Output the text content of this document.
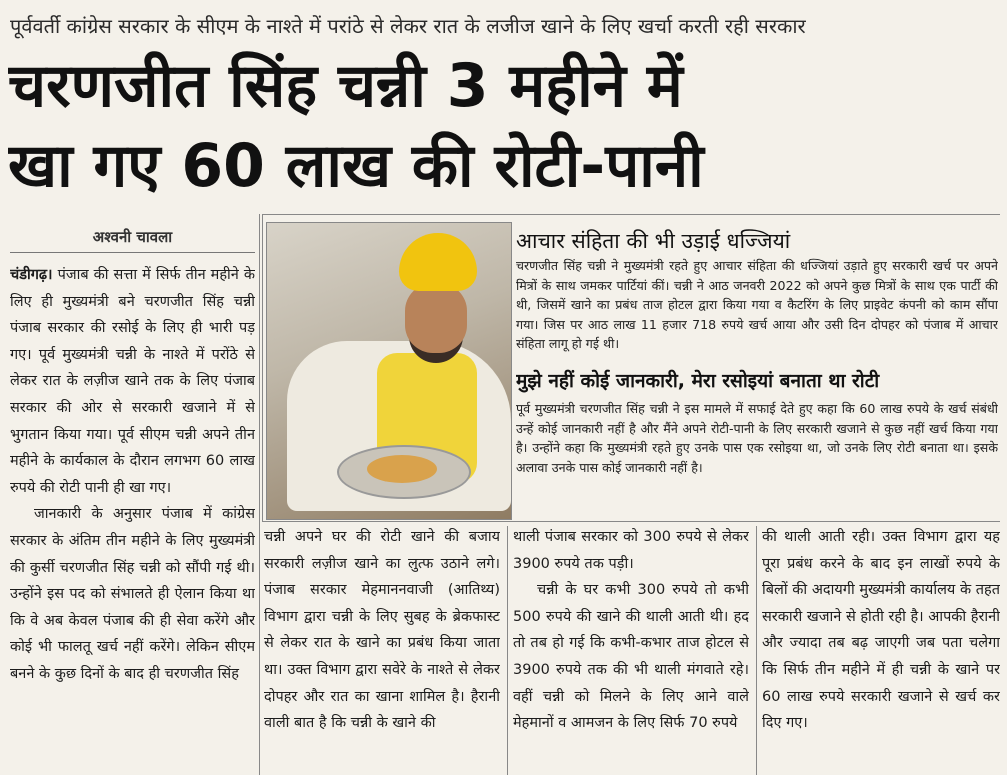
पूर्ववर्ती कांग्रेस सरकार के सीएम के नाश्ते में परांठे से लेकर रात के लजीज खाने के लिए खर्चा करती रही सरकार
चरणजीत सिंह चन्नी 3 महीने में
खा गए 60 लाख की रोटी-पानी
अश्वनी चावला

चंडीगढ़। पंजाब की सत्ता में सिर्फ तीन महीने के लिए ही मुख्यमंत्री बने चरणजीत सिंह चन्नी पंजाब सरकार की रसोई के लिए ही भारी पड़ गए। पूर्व मुख्यमंत्री चन्नी के नाश्ते में परोंठे से लेकर रात के लज़ीज खाने तक के लिए पंजाब सरकार की ओर से सरकारी खजाने में से भुगतान किया गया। पूर्व सीएम चन्नी अपने तीन महीने के कार्यकाल के दौरान लगभग 60 लाख रुपये की रोटी पानी ही खा गए।

जानकारी के अनुसार पंजाब में कांग्रेस सरकार के अंतिम तीन महीने के लिए मुख्यमंत्री की कुर्सी चरणजीत सिंह चन्नी को सौंपी गई थी। उन्होंने इस पद को संभालते ही ऐलान किया था कि वे अब केवल पंजाब की ही सेवा करेंगे और कोई भी फालतू खर्च नहीं करेंगे। लेकिन सीएम बनने के कुछ दिनों के बाद ही चरणजीत सिंह

आचार संहिता की भी उड़ाई धज्जियां
चरणजीत सिंह चन्नी ने मुख्यमंत्री रहते हुए आचार संहिता की धज्जियां उड़ाते हुए सरकारी खर्च पर अपने मित्रों के साथ जमकर पार्टियां कीं। चन्नी ने आठ जनवरी 2022 को अपने कुछ मित्रों के साथ एक पार्टी की थी, जिसमें खाने का प्रबंध ताज होटल द्वारा किया गया व कैटरिंग के लिए प्राइवेट कंपनी को काम सौंपा गया। जिस पर आठ लाख 11 हजार 718 रुपये खर्च आया और उसी दिन दोपहर को पंजाब में आचार संहिता लागू हो गई थी।
मुझे नहीं कोई जानकारी, मेरा रसोइयां बनाता था रोटी
पूर्व मुख्यमंत्री चरणजीत सिंह चन्नी ने इस मामले में सफाई देते हुए कहा कि 60 लाख रुपये के खर्च संबंधी उन्हें कोई जानकारी नहीं है और मैंने अपने रोटी-पानी के लिए सरकारी खजाने से कुछ नहीं खर्च किया गया है। उन्होंने कहा कि मुख्यमंत्री रहते हुए उनके पास एक रसोइया था, जो उनके लिए रोटी बनाता था। इसके अलावा उनके पास कोई जानकारी नहीं है।

चन्नी अपने घर की रोटी खाने की बजाय सरकारी लज़ीज खाने का लुत्फ उठाने लगे। पंजाब सरकार मेहमाननवाजी (आतिथ्य) विभाग द्वारा चन्नी के लिए सुबह के ब्रेकफास्ट से लेकर रात के खाने का प्रबंध किया जाता था। उक्त विभाग द्वारा सवेरे के नाश्ते से लेकर दोपहर और रात का खाना शामिल है। हैरानी वाली बात है कि चन्नी के खाने की

थाली पंजाब सरकार को 300 रुपये से लेकर 3900 रुपये तक पड़ी।

चन्नी के घर कभी 300 रुपये तो कभी 500 रुपये की खाने की थाली आती थी। हद तो तब हो गई कि कभी-कभार ताज होटल से 3900 रुपये तक की भी थाली मंगवाते रहे। वहीं चन्नी को मिलने के लिए आने वाले मेहमानों व आमजन के लिए सिर्फ 70 रुपये

की थाली आती रही। उक्त विभाग द्वारा यह पूरा प्रबंध करने के बाद इन लाखों रुपये के बिलों की अदायगी मुख्यमंत्री कार्यालय के तहत सरकारी खजाने से होती रही है। आपकी हैरानी और ज्यादा तब बढ़ जाएगी जब पता चलेगा कि सिर्फ तीन महीने में ही चन्नी के खाने पर 60 लाख रुपये सरकारी खजाने से खर्च कर दिए गए।
